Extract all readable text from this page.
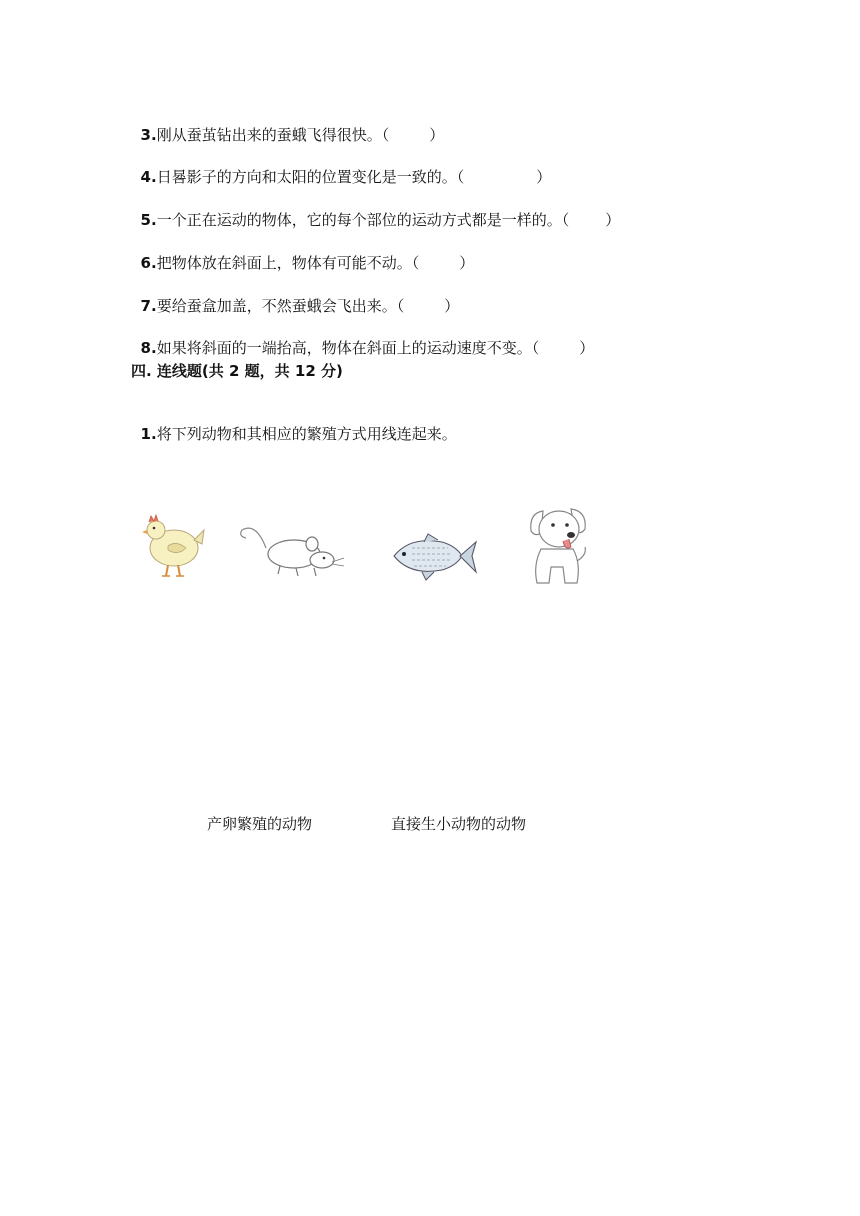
3.刚从蚕茧钻出来的蚕蛾飞得很快。（	）

4.日晷影子的方向和太阳的位置变化是一致的。（	）

5.一个正在运动的物体，它的每个部位的运动方式都是一样的。（ ）

6.把物体放在斜面上，物体有可能不动。（	）

7.要给蚕盒加盖，不然蚕蛾会飞出来。（	）

8.如果将斜面的一端抬高，物体在斜面上的运动速度不变。（	）

四. 连线题(共 2 题，共 12 分)

1.将下列动物和其相应的繁殖方式用线连起来。

产卵繁殖的动物	直接生小动物的动物
